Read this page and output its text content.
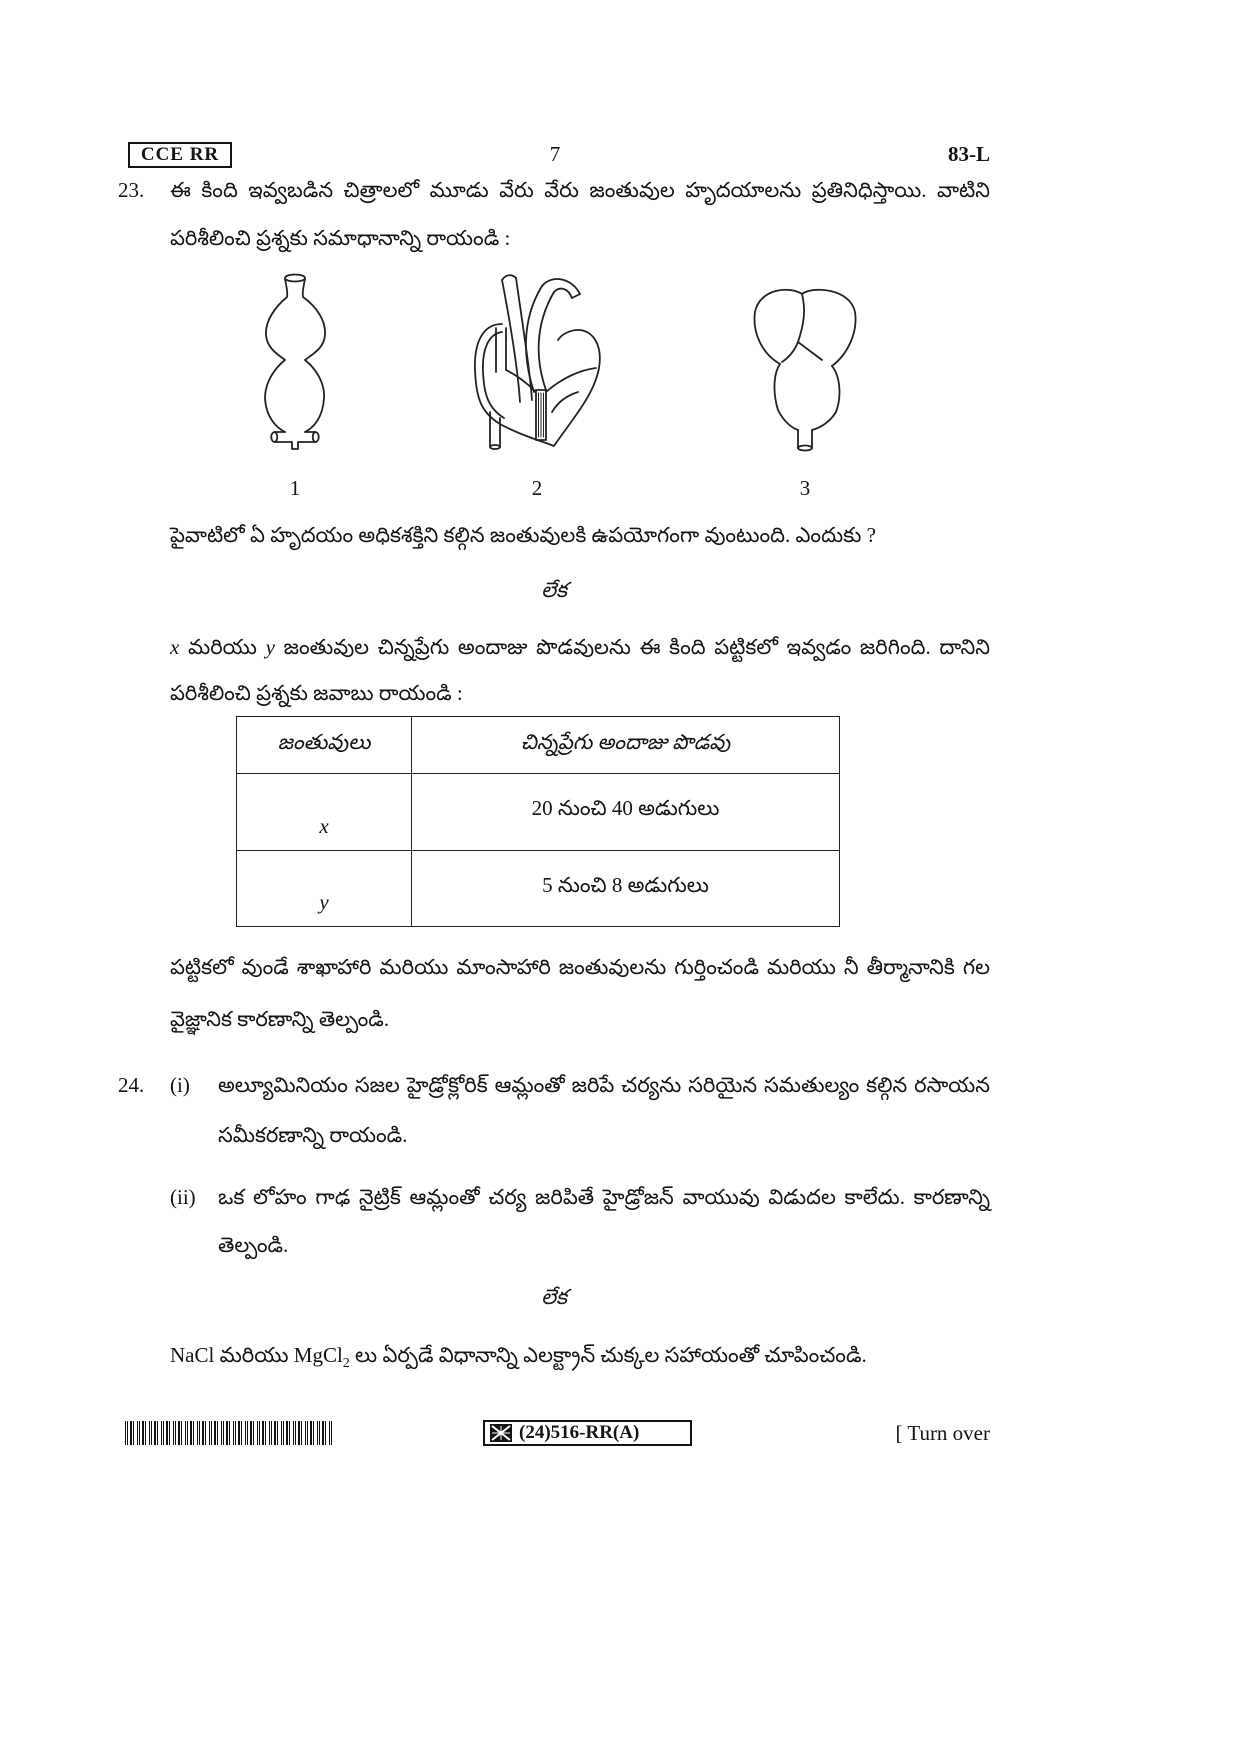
CCE RR	7	83-L
23.	ఈ కింది ఇవ్వబడిన చిత్రాలలో మూడు వేరు వేరు జంతువుల హృదయాలను ప్రతినిధిస్తాయి. వాటిని పరిశీలించి ప్రశ్నకు సమాధానాన్ని రాయండి :
1	2	3
పైవాటిలో ఏ హృదయం అధికశక్తిని కల్గిన జంతువులకి ఉపయోగంగా వుంటుంది. ఎందుకు ?
లేక
x మరియు y జంతువుల చిన్నప్రేగు అందాజు పొడవులను ఈ కింది పట్టికలో ఇవ్వడం జరిగింది. దానిని పరిశీలించి ప్రశ్నకు జవాబు రాయండి :
జంతువులు	చిన్నప్రేగు అందాజు పొడవు
x	20 నుంచి 40 అడుగులు
y	5 నుంచి 8 అడుగులు
పట్టికలో వుండే శాఖాహారి మరియు మాంసాహారి జంతువులను గుర్తించండి మరియు నీ తీర్మానానికి గల వైజ్ఞానిక కారణాన్ని తెల్పండి.
24.	(i)	అల్యూమినియం సజల హైడ్రోక్లోరిక్ ఆమ్లంతో జరిపే చర్యను సరియైన సమతుల్యం కల్గిన రసాయన సమీకరణాన్ని రాయండి.
(ii)	ఒక లోహం గాఢ నైట్రిక్ ఆమ్లంతో చర్య జరిపితే హైడ్రోజన్ వాయువు విడుదల కాలేదు. కారణాన్ని తెల్పండి.
లేక
NaCl మరియు MgCl$_2$ లు ఏర్పడే విధానాన్ని ఎలక్ట్రాన్ చుక్కల సహాయంతో చూపించండి.
(24)516-RR(A)	[ Turn over
